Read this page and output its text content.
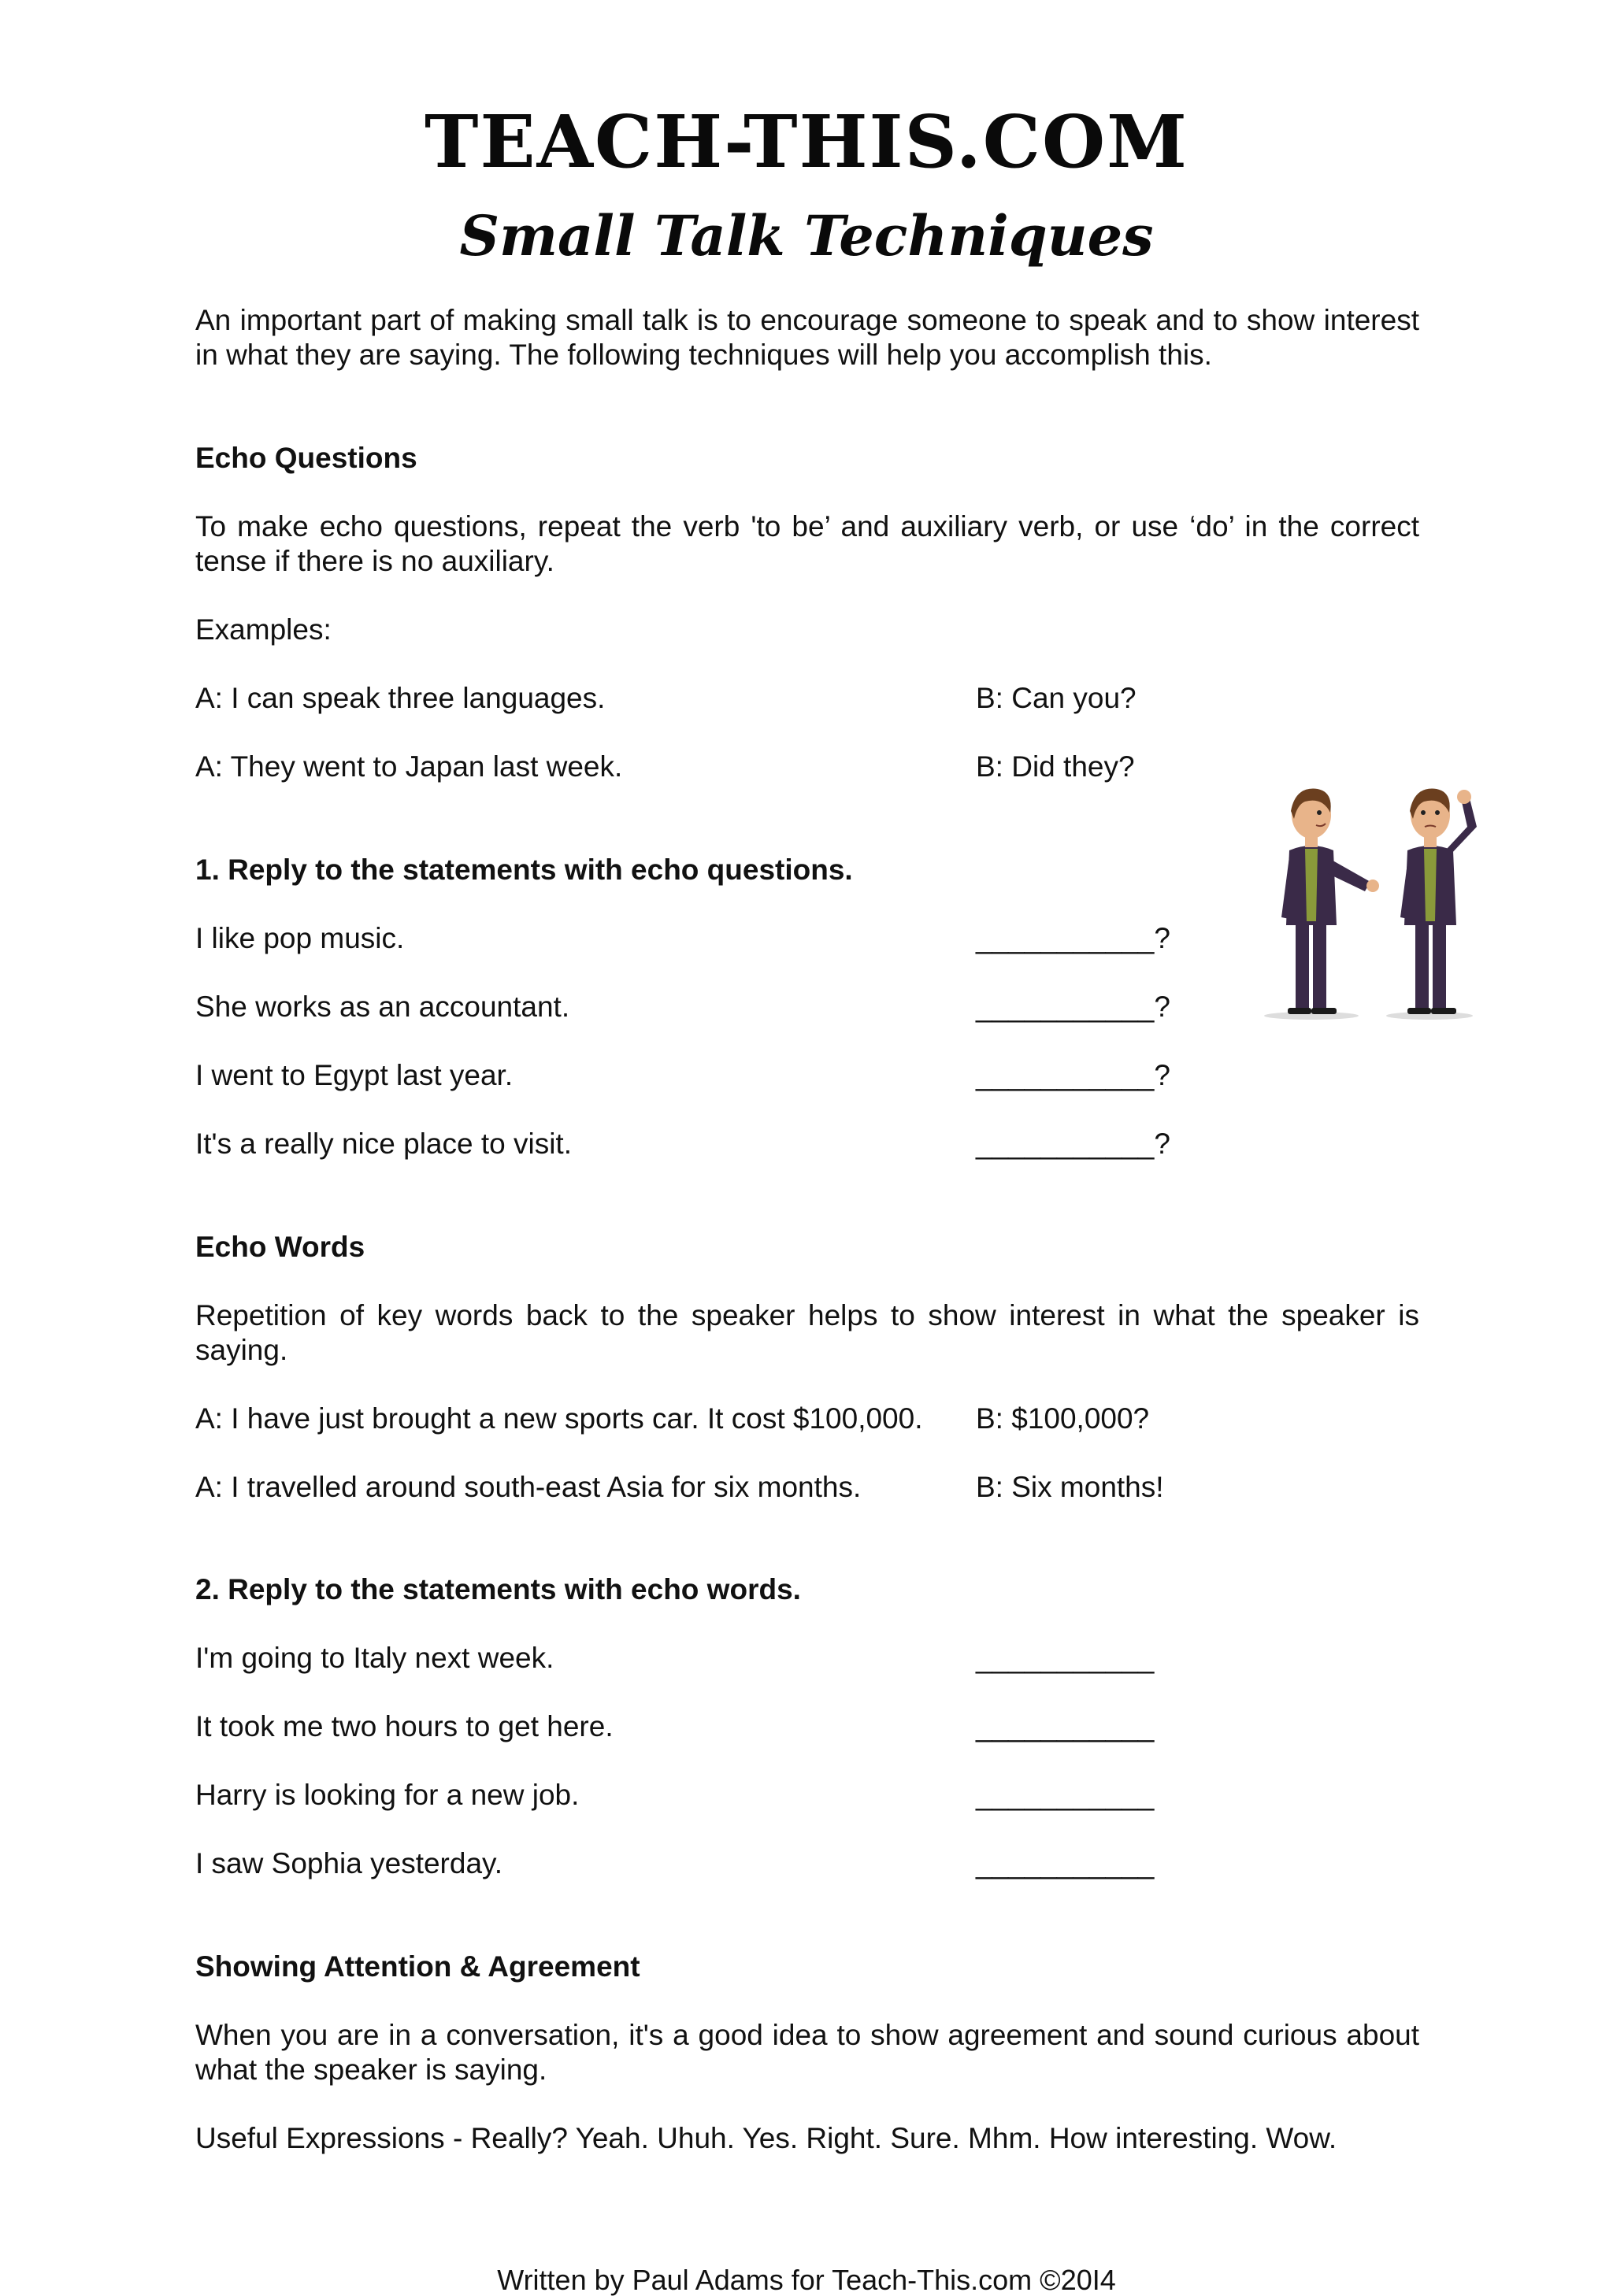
TEACH-THIS.COM
Small Talk Techniques

An important part of making small talk is to encourage someone to speak and to show interest in what they are saying. The following techniques will help you accomplish this.

Echo Questions

To make echo questions, repeat the verb 'to be’ and auxiliary verb, or use ‘do’ in the correct tense if there is no auxiliary.

Examples:

A: I can speak three languages.	B: Can you?

A: They went to Japan last week.	B: Did they?

1. Reply to the statements with echo questions.

I like pop music.	___________?

She works as an accountant.	___________?

I went to Egypt last year.	___________?

It's a really nice place to visit.	___________?

Echo Words

Repetition of key words back to the speaker helps to show interest in what the speaker is saying.

A: I have just brought a new sports car. It cost $100,000.	B: $100,000?

A: I travelled around south-east Asia for six months.	B: Six months!

2. Reply to the statements with echo words.

I'm going to Italy next week.	___________

It took me two hours to get here.	___________

Harry is looking for a new job.	___________

I saw Sophia yesterday.	___________

Showing Attention & Agreement

When you are in a conversation, it's a good idea to show agreement and sound curious about what the speaker is saying.

Useful Expressions - Really? Yeah. Uhuh. Yes. Right. Sure. Mhm. How interesting. Wow.

Written by Paul Adams for Teach-This.com ©20I4
